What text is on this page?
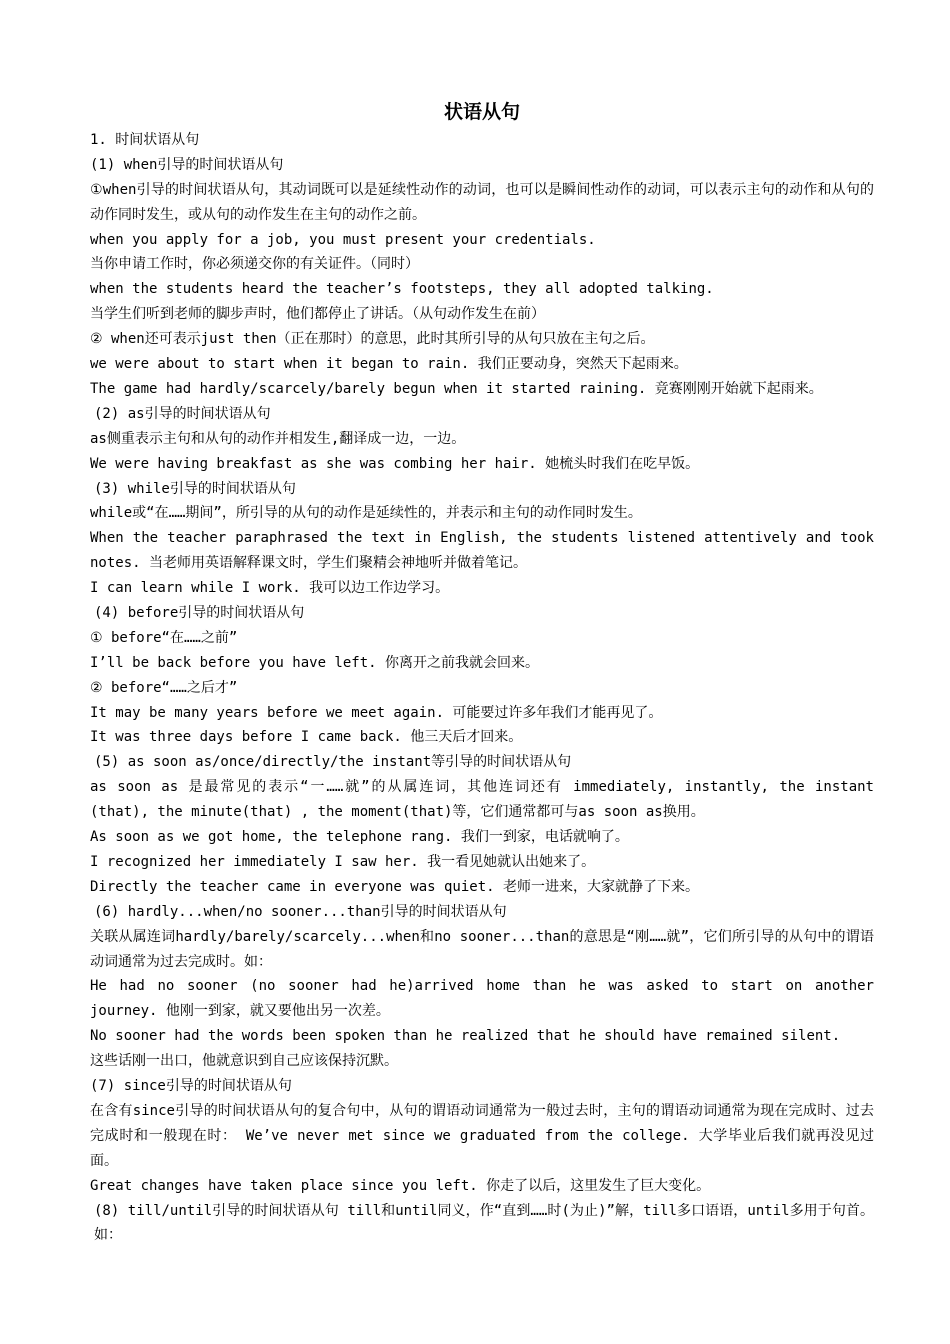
状语从句
1. 时间状语从句
(1) when引导的时间状语从句
①when引导的时间状语从句，其动词既可以是延续性动作的动词，也可以是瞬间性动作的动词，可以表示主句的动作和从句的动作同时发生，或从句的动作发生在主句的动作之前。
when you apply for a job, you must present your credentials.
当你申请工作时，你必须递交你的有关证件。（同时）
when the students heard the teacher’s footsteps, they all adopted talking.
当学生们听到老师的脚步声时，他们都停止了讲话。（从句动作发生在前）
② when还可表示just then（正在那时）的意思，此时其所引导的从句只放在主句之后。
we were about to start when it began to rain. 我们正要动身，突然天下起雨来。
The game had hardly/scarcely/barely begun when it started raining. 竞赛刚刚开始就下起雨来。
(2) as引导的时间状语从句
as侧重表示主句和从句的动作并相发生,翻译成一边，一边。
We were having breakfast as she was combing her hair. 她梳头时我们在吃早饭。
(3) while引导的时间状语从句
while或“在……期间”，所引导的从句的动作是延续性的，并表示和主句的动作同时发生。
When the teacher paraphrased the text in English, the students listened attentively and took notes. 当老师用英语解释课文时，学生们聚精会神地听并做着笔记。
I can learn while I work. 我可以边工作边学习。
(4) before引导的时间状语从句
① before“在……之前”
I’ll be back before you have left. 你离开之前我就会回来。
② before“……之后才”
It may be many years before we meet again. 可能要过许多年我们才能再见了。
It was three days before I came back. 他三天后才回来。
(5) as soon as/once/directly/the instant等引导的时间状语从句
as soon as 是最常见的表示“一……就”的从属连词，其他连词还有 immediately, instantly, the instant (that), the minute(that) , the moment(that)等，它们通常都可与as soon as换用。
As soon as we got home, the telephone rang. 我们一到家，电话就响了。
I recognized her immediately I saw her. 我一看见她就认出她来了。
Directly the teacher came in everyone was quiet. 老师一进来，大家就静了下来。
(6) hardly...when/no sooner...than引导的时间状语从句
关联从属连词hardly/barely/scarcely...when和no sooner...than的意思是“刚……就”，它们所引导的从句中的谓语动词通常为过去完成时。如：
He had no sooner (no sooner had he)arrived home than he was asked to start on another journey. 他刚一到家，就又要他出另一次差。
No sooner had the words been spoken than he realized that he should have remained silent.
这些话刚一出口，他就意识到自己应该保持沉默。
(7) since引导的时间状语从句
在含有since引导的时间状语从句的复合句中，从句的谓语动词通常为一般过去时，主句的谓语动词通常为现在完成时、过去完成时和一般现在时： We’ve never met since we graduated from the college. 大学毕业后我们就再没见过面。
Great changes have taken place since you left. 你走了以后，这里发生了巨大变化。
(8) till/until引导的时间状语从句 till和until同义，作“直到……时(为止)”解，till多口语语，until多用于句首。如：
